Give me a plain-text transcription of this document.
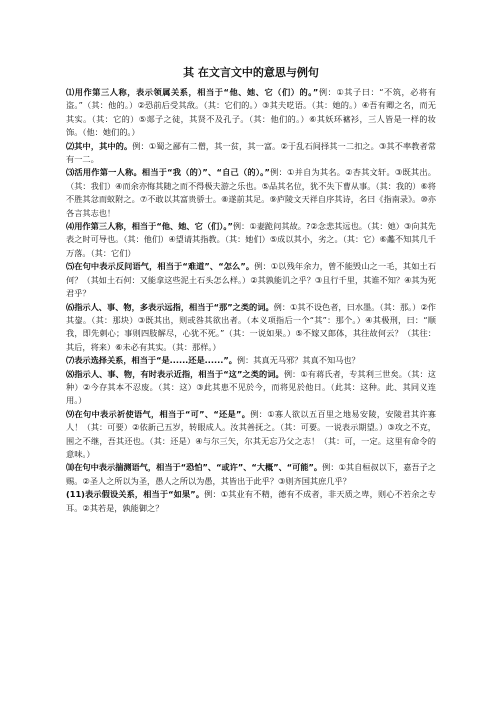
其 在文言文中的意思与例句

⑴用作第三人称，表示领属关系，相当于“他、她、它（们）的。”例：①其子曰：“不筑，必将有盗。”（其：他的。）②恐前后受其敌。（其：它们的。）③其夫呓语。（其：她的。）④吾有卿之名，而无其实。（其：它的）⑤郯子之徒，其贤不及孔子。（其：他们的。）⑥其妖环褯衫，三人皆是一样的妆饰。（他：她们的。）

⑵其中，其中的。例：①蜀之鄙有二僧，其一贫，其一富。②于乱石间择其一二扣之。③其不率教者常有一二。

⑶活用作第一人称。相当于“我（的）”、“自己（的）。”例：①并自为其名。②杏其文轩。③既其出。（其：我们）④而余亦悔其随之而不得极夫游之乐也。⑤品其名位，犹不失下曹从事。（其：我的）⑥将不胜其忿而蚁附之。⑦不敢以其富贵骄士。⑧遂前其足。⑨庐陵文天祥自序其诗，名曰《指南录》。⑩亦各言其志也！

⑷用作第三人称，相当于“他、她、它（们）。”例：①妻跪问其故。?②念悲其远也。（其：她）③向其先表之时可导也。（其：他们）④望请其指教。（其：她们）⑤成以其小，劣之。（其：它）⑥蠡不知其几千万落。（其：它们）

⑸在句中表示反问语气，相当于“难道”、“怎么”。例：①以残年余力，曾不能毁山之一毛，其如土石何？（其如土石何：又能拿这些泥土石头怎么样。）②其孰能讥之乎？③且行千里，其谁不知？④其为死君乎？

⑹指示人、事、物，多表示远指，相当于“那”之类的词。例：①其不设色者，曰水墨。（其：那。）②作其鋆。（其：那块）③既其出，则或咎其欲出者。（本义项指后一个“其”：那个。）④其极刑，曰：“顺我，即先刺心；事则四肢解尽，心犹不死。”（其：一说如果。）⑤不嫁又郎体，其往故何云？（其往：其后，将来）⑥未必有其实。（其：那样。）

⑺表示选择关系，相当于“是......还是......”。例：其真无马邪？其真不知马也？

⑻指示人、事、物，有时表示近指，相当于“这”之类的词。例：①有蒋氏者，专其利三世矣。（其：这种）②今存其本不忍废。（其：这）③此其患不见於今，而将见於他日。（此其：这种。此、其同义连用。）

⑼在句中表示祈使语气，相当于“可”、“还是”。例：①寡人欲以五百里之地易安陵，安陵君其许寡人！（其：可要）②依新己五岁，转眼成人。汝其善抚之。（其：可要。一说表示期望。）③攻之不克，围之不继，吾其还也。（其：还是）④与尔三矢，尔其无忘乃父之志！（其：可，一定。这里有命令的意味。）

⑽在句中表示揣测语气，相当于“恐怕”、“或许”、“大概”、“可能”。例：①其自桓叔以下，嘉吾子之赐。②圣人之所以为圣，愚人之所以为愚，其皆出于此乎？③则齐国其庶几乎？

(11)表示假设关系，相当于“如果”。例：①其业有不精，德有不成者，非天质之卑，则心不若余之专耳。②其若是，孰能御之？
